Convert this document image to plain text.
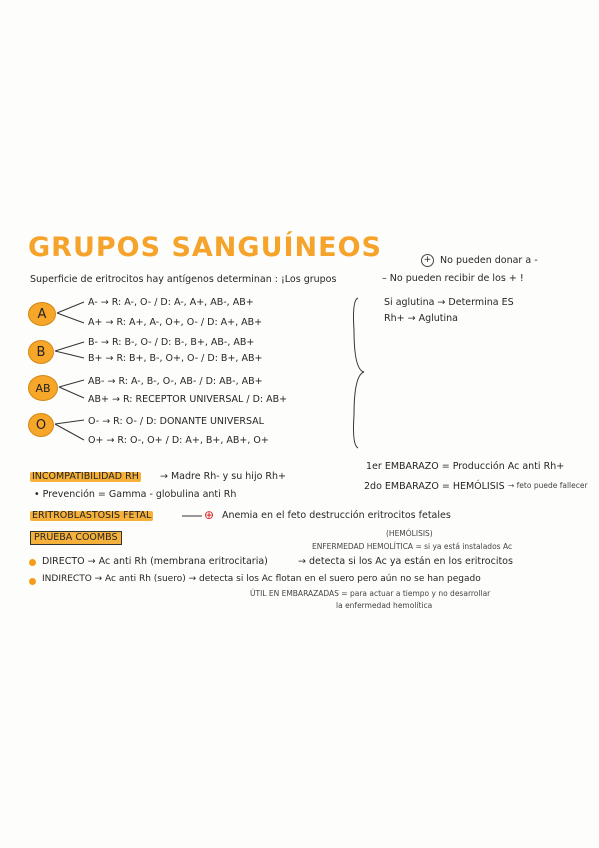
GRUPOS SANGUÍNEOS	+ No pueden donar a -
Superficie de eritrocitos hay antígenos determinan : ¡Los grupos	– No pueden recibir de los + !
A
B
AB
O
A- → R: A-, O- / D: A-, A+, AB-, AB+
A+ → R: A+, A-, O+, O- / D: A+, AB+
B- → R: B-, O- / D: B-, B+, AB-, AB+
B+ → R: B+, B-, O+, O- / D: B+, AB+
AB- → R: A-, B-, O-, AB- / D: AB-, AB+
AB+ → R: RECEPTOR UNIVERSAL / D: AB+
O- → R: O- / D: DONANTE UNIVERSAL
O+ → R: O-, O+ / D: A+, B+, AB+, O+
Si aglutina → Determina ES
Rh+ → Aglutina
INCOMPATIBILIDAD RH → Madre Rh- y su hijo Rh+
• Prevención = Gamma - globulina anti Rh
1er EMBARAZO = Producción Ac anti Rh+
2do EMBARAZO = HEMÓLISIS → feto puede fallecer
ERITROBLASTOSIS FETAL	⊕ Anemia en el feto destrucción eritrocitos fetales
PRUEBA COOMBS	(HEMÓLISIS)
ENFERMEDAD HEMOLÍTICA = si ya está instalados Ac
DIRECTO → Ac anti Rh (membrana eritrocitaria)	→ detecta si los Ac ya están en los eritrocitos
INDIRECTO → Ac anti Rh (suero) → detecta si los Ac flotan en el suero pero aún no se han pegado
ÚTIL EN EMBARAZADAS = para actuar a tiempo y no desarrollar
la enfermedad hemolítica
